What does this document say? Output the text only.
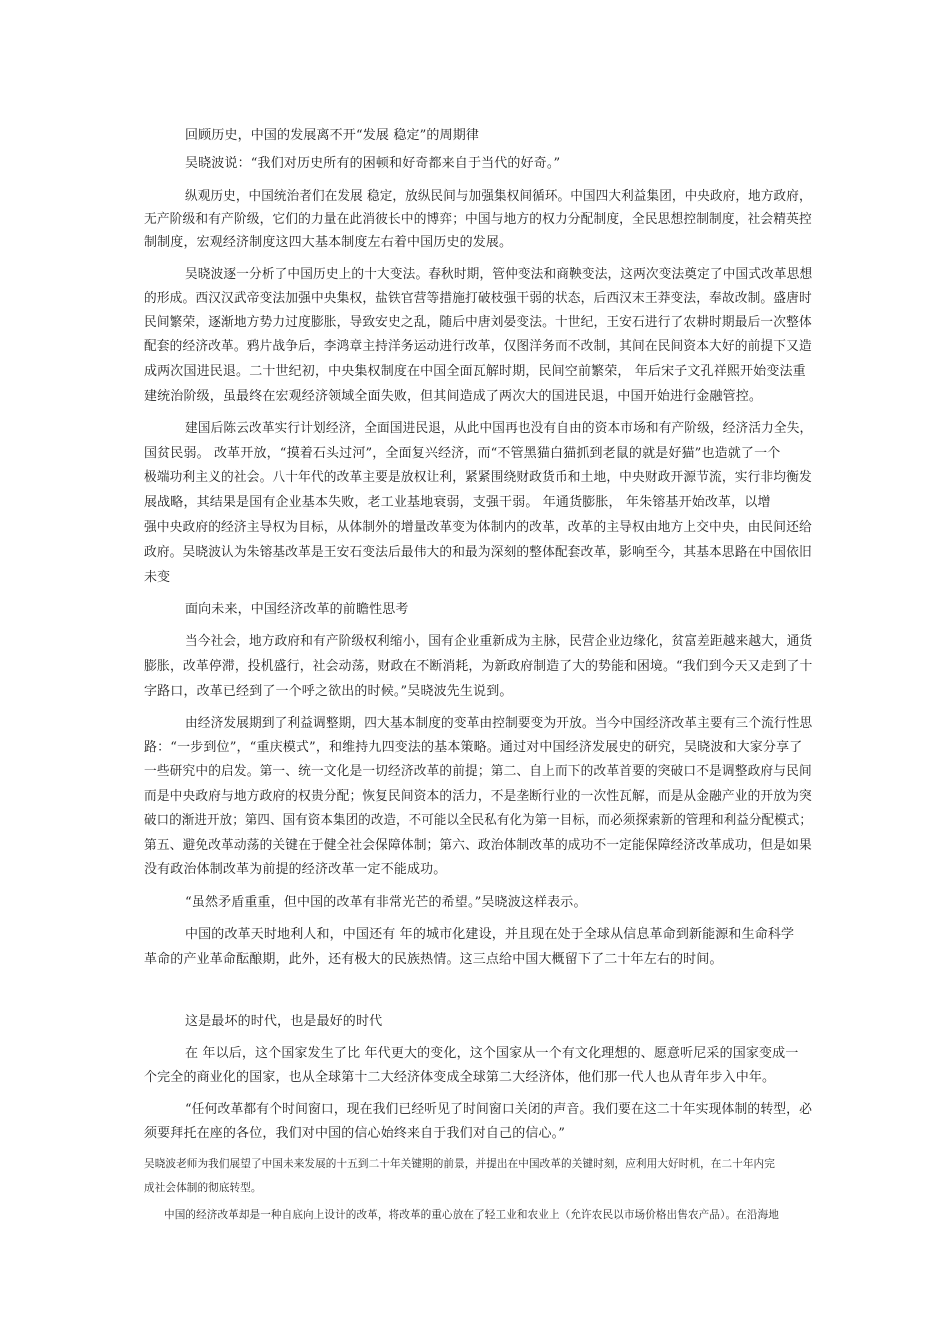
回顾历史，中国的发展离不开“发展 稳定”的周期律
吴晓波说：“我们对历史所有的困顿和好奇都来自于当代的好奇。”
纵观历史，中国统治者们在发展 稳定，放纵民间与加强集权间循环。中国四大利益集团，中央政府，地方政府，
无产阶级和有产阶级，它们的力量在此消彼长中的博弈；中国与地方的权力分配制度，全民思想控制制度，社会精英控
制制度，宏观经济制度这四大基本制度左右着中国历史的发展。
吴晓波逐一分析了中国历史上的十大变法。春秋时期，管仲变法和商鞅变法，这两次变法奠定了中国式改革思想
的形成。西汉汉武帝变法加强中央集权，盐铁官营等措施打破枝强干弱的状态，后西汉末王莽变法，奉故改制。盛唐时
民间繁荣，逐渐地方势力过度膨胀，导致安史之乱，随后中唐刘晏变法。十世纪，王安石进行了农耕时期最后一次整体
配套的经济改革。鸦片战争后，李鸿章主持洋务运动进行改革，仅图洋务而不改制，其间在民间资本大好的前提下又造
成两次国进民退。二十世纪初，中央集权制度在中国全面瓦解时期，民间空前繁荣， 年后宋子文孔祥熙开始变法重
建统治阶级，虽最终在宏观经济领域全面失败，但其间造成了两次大的国进民退，中国开始进行金融管控。
建国后陈云改革实行计划经济，全面国进民退，从此中国再也没有自由的资本市场和有产阶级，经济活力全失，
国贫民弱。 改革开放，“摸着石头过河”，全面复兴经济，而“不管黑猫白猫抓到老鼠的就是好猫”也造就了一个
极端功利主义的社会。八十年代的改革主要是放权让利，紧紧围绕财政货币和土地，中央财政开源节流，实行非均衡发
展战略，其结果是国有企业基本失败，老工业基地衰弱，支强干弱。 年通货膨胀， 年朱镕基开始改革，以增
强中央政府的经济主导权为目标，从体制外的增量改革变为体制内的改革，改革的主导权由地方上交中央，由民间还给
政府。吴晓波认为朱镕基改革是王安石变法后最伟大的和最为深刻的整体配套改革，影响至今，其基本思路在中国依旧
未变
面向未来，中国经济改革的前瞻性思考
当今社会，地方政府和有产阶级权利缩小，国有企业重新成为主脉，民营企业边缘化，贫富差距越来越大，通货
膨胀，改革停滞，投机盛行，社会动荡，财政在不断消耗，为新政府制造了大的势能和困境。“我们到今天又走到了十
字路口，改革已经到了一个呼之欲出的时候。”吴晓波先生说到。
由经济发展期到了利益调整期，四大基本制度的变革由控制要变为开放。当今中国经济改革主要有三个流行性思
路：“一步到位”，“重庆模式”，和维持九四变法的基本策略。通过对中国经济发展史的研究，吴晓波和大家分享了
一些研究中的启发。第一、统一文化是一切经济改革的前提；第二、自上而下的改革首要的突破口不是调整政府与民间
而是中央政府与地方政府的权贵分配；恢复民间资本的活力，不是垄断行业的一次性瓦解，而是从金融产业的开放为突
破口的渐进开放；第四、国有资本集团的改造，不可能以全民私有化为第一目标，而必须探索新的管理和利益分配模式；
第五、避免改革动荡的关键在于健全社会保障体制；第六、政治体制改革的成功不一定能保障经济改革成功，但是如果
没有政治体制改革为前提的经济改革一定不能成功。
“虽然矛盾重重，但中国的改革有非常光芒的希望。”吴晓波这样表示。
中国的改革天时地利人和，中国还有 年的城市化建设，并且现在处于全球从信息革命到新能源和生命科学
革命的产业革命酝酿期，此外，还有极大的民族热情。这三点给中国大概留下了二十年左右的时间。
这是最坏的时代，也是最好的时代
在 年以后，这个国家发生了比 年代更大的变化，这个国家从一个有文化理想的、愿意听尼采的国家变成一
个完全的商业化的国家，也从全球第十二大经济体变成全球第二大经济体，他们那一代人也从青年步入中年。
“任何改革都有个时间窗口，现在我们已经听见了时间窗口关闭的声音。我们要在这二十年实现体制的转型，必
须要拜托在座的各位，我们对中国的信心始终来自于我们对自己的信心。”
吴晓波老师为我们展望了中国未来发展的十五到二十年关键期的前景，并提出在中国改革的关键时刻，应利用大好时机，在二十年内完
成社会体制的彻底转型。
中国的经济改革却是一种自底向上设计的改革，将改革的重心放在了轻工业和农业上（允许农民以市场价格出售农产品）。在沿海地
